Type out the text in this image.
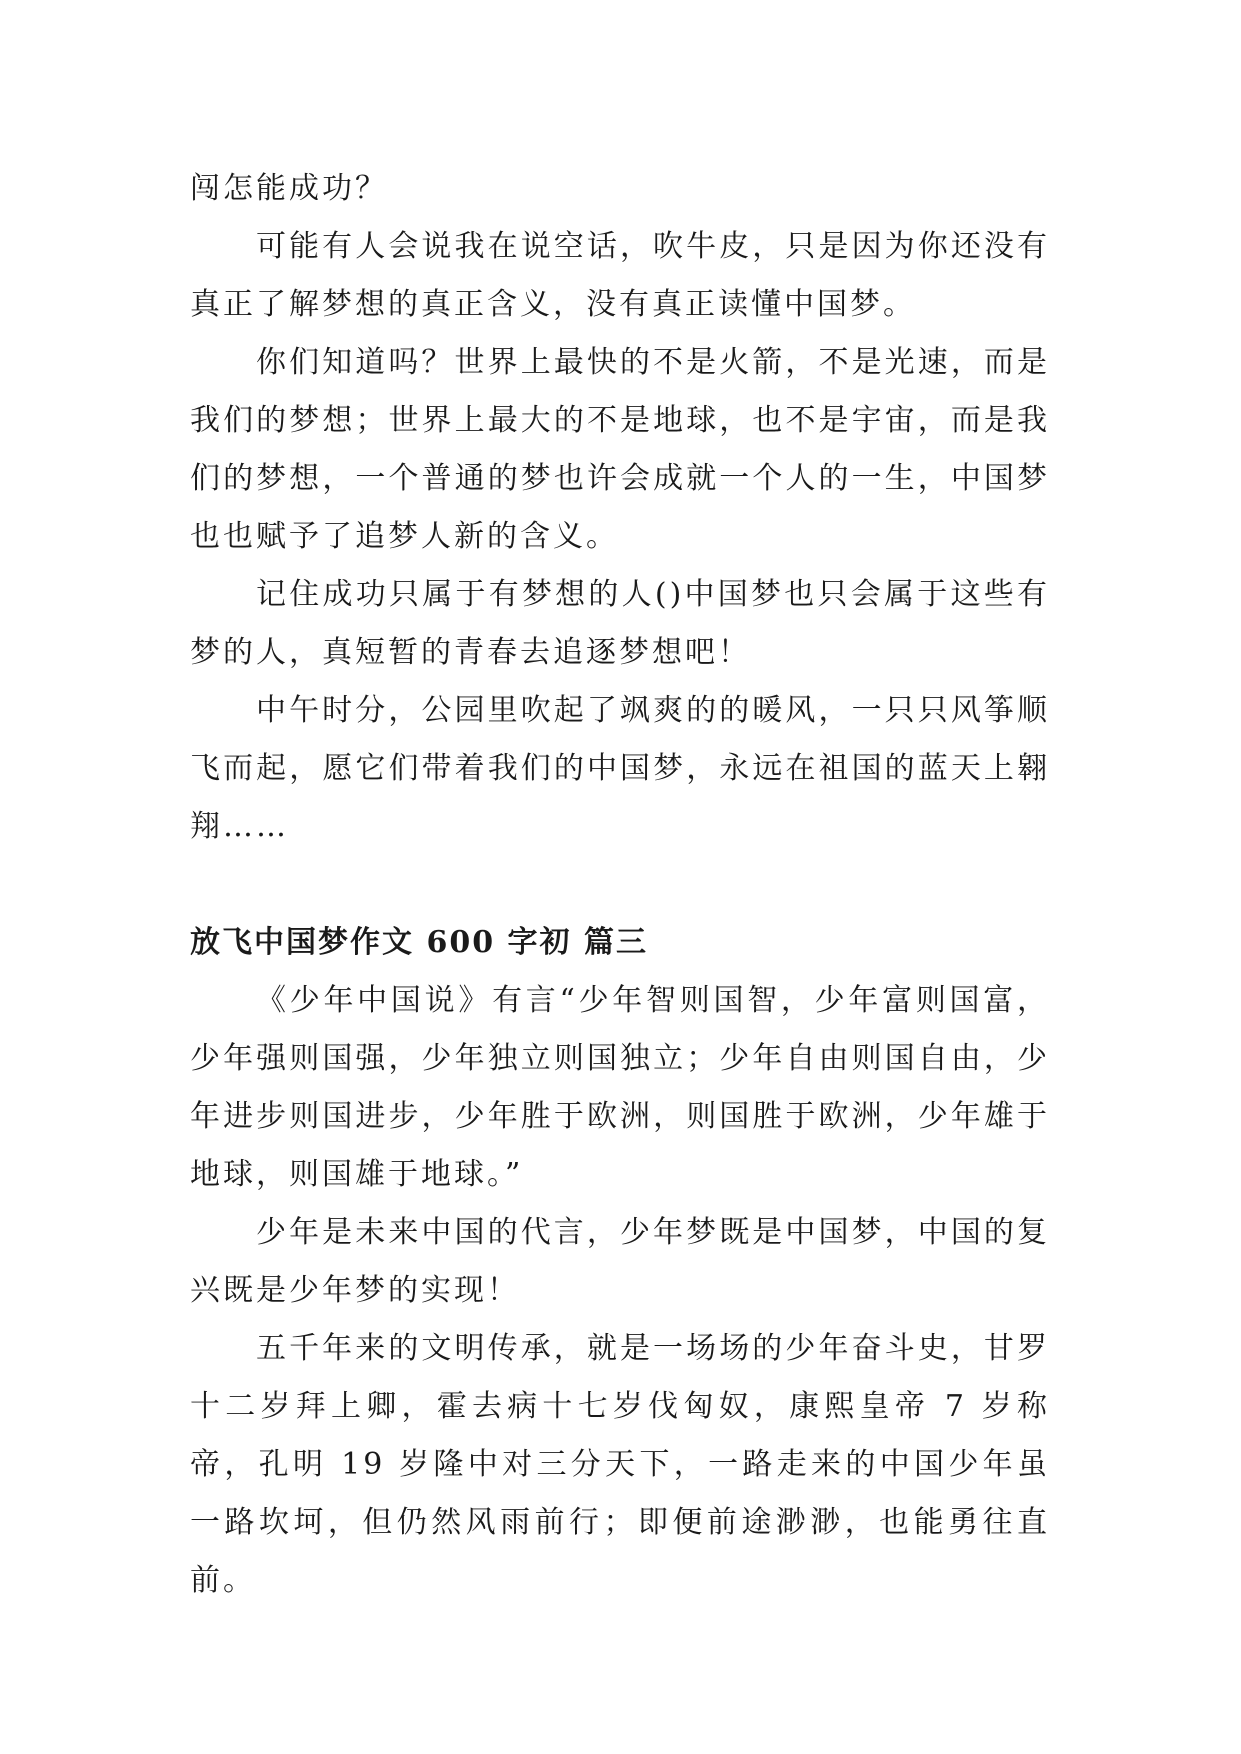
闯怎能成功？

可能有人会说我在说空话，吹牛皮，只是因为你还没有真正了解梦想的真正含义，没有真正读懂中国梦。

你们知道吗？世界上最快的不是火箭，不是光速，而是我们的梦想；世界上最大的不是地球，也不是宇宙，而是我们的梦想，一个普通的梦也许会成就一个人的一生，中国梦也也赋予了追梦人新的含义。

记住成功只属于有梦想的人()中国梦也只会属于这些有梦的人，真短暂的青春去追逐梦想吧！

中午时分，公园里吹起了飒爽的的暖风，一只只风筝顺飞而起，愿它们带着我们的中国梦，永远在祖国的蓝天上翱翔……

放飞中国梦作文 600 字初 篇三

《少年中国说》有言“少年智则国智，少年富则国富，少年强则国强，少年独立则国独立；少年自由则国自由，少年进步则国进步，少年胜于欧洲，则国胜于欧洲，少年雄于地球，则国雄于地球。”

少年是未来中国的代言，少年梦既是中国梦，中国的复兴既是少年梦的实现！

五千年来的文明传承，就是一场场的少年奋斗史，甘罗十二岁拜上卿，霍去病十七岁伐匈奴，康熙皇帝 7 岁称帝，孔明 19 岁隆中对三分天下，一路走来的中国少年虽一路坎坷，但仍然风雨前行；即便前途渺渺，也能勇往直前。
